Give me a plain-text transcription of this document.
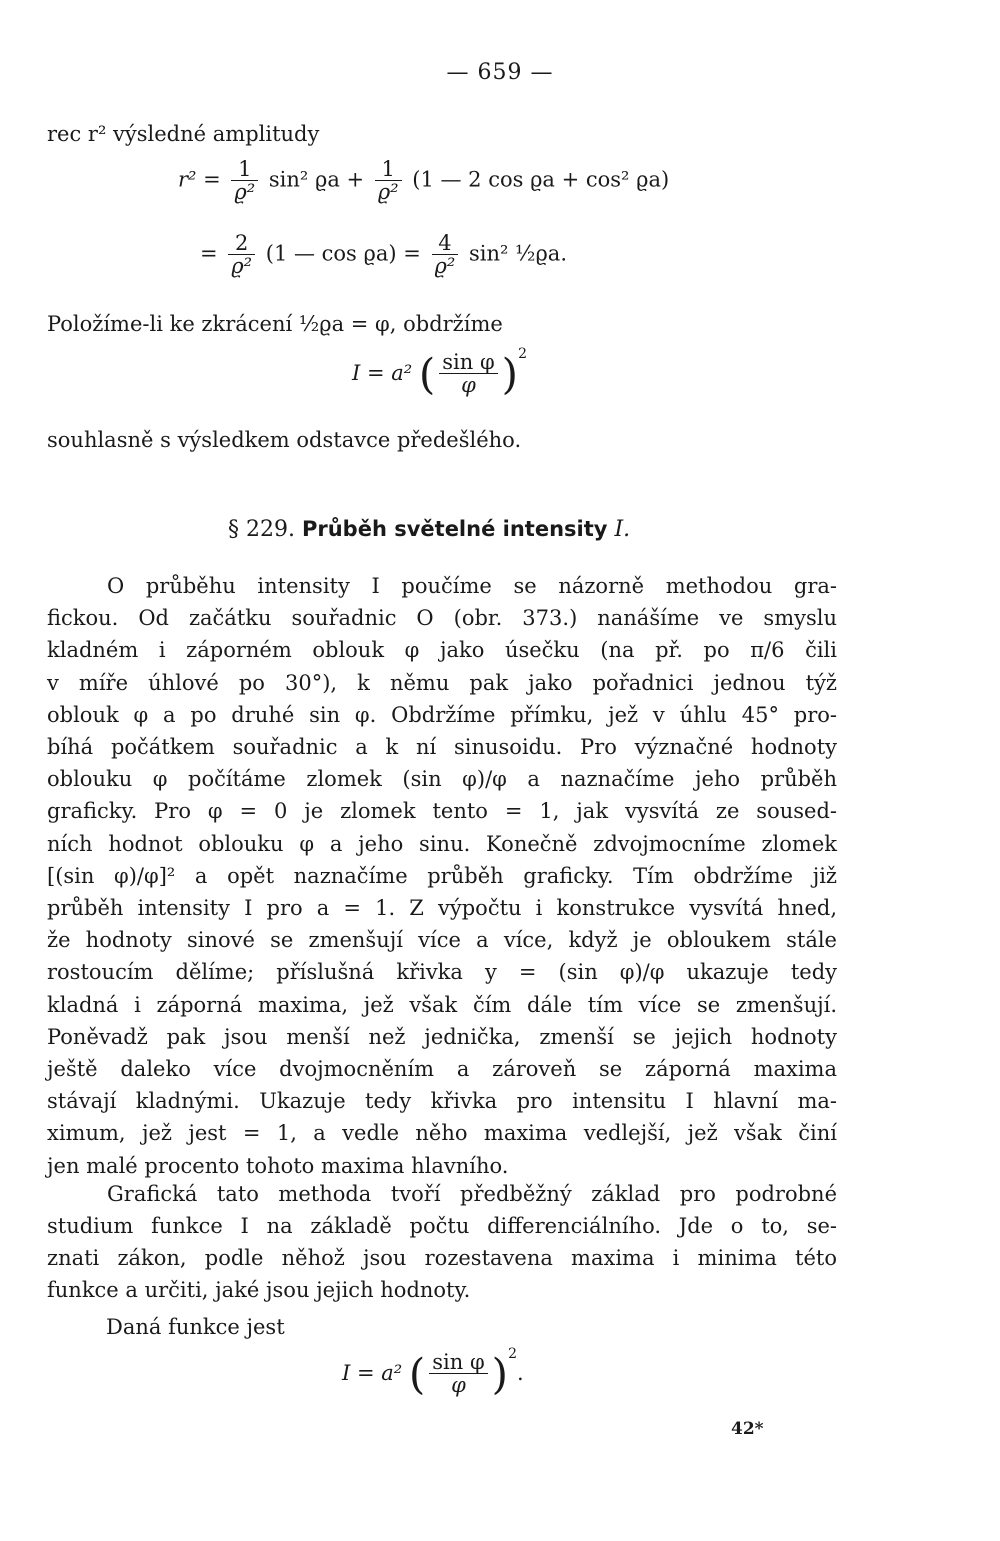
— 659 —
rec r² výsledné amplitudy
$r^2 = \frac{1}{\text{ϱ²}} \sin^2$ $ϱa + \frac{1}{\text{ϱ²}} (1$ — 2 cos ϱa + cos² ϱa)
= $\frac{2}{\text{ϱ²}} (1$ — $\cos ϱa) = \frac{4}{\text{ϱ²}} \sin^2$ ½ϱa.
Položíme-li ke zkrácení ½ϱa = φ, obdržíme
I = a² ( $\frac{\text{sin φ}}{\varphi} )^2$
souhlasně s výsledkem odstavce předešlého.
§ 229. Průběh světelné intensity I.
O průběhu intensity I poučíme se názorně methodou gra-
fickou. Od začátku souřadnic O (obr. 373.) nanášíme ve smyslu
kladném i záporném oblouk φ jako úsečku (na př. po π/6 čili
v míře úhlové po 30°), k němu pak jako pořadnici jednou týž
oblouk φ a po druhé sin φ. Obdržíme přímku, jež v úhlu 45° pro-
bíhá počátkem souřadnic a k ní sinusoidu. Pro význačné hodnoty
oblouku φ počítáme zlomek (sin φ)/φ a naznačíme jeho průběh
graficky. Pro φ = 0 je zlomek tento = 1, jak vysvítá ze soused-
ních hodnot oblouku φ a jeho sinu. Konečně zdvojmocníme zlomek
[(sin φ)/φ]² a opět naznačíme průběh graficky. Tím obdržíme již
průběh intensity I pro a = 1. Z výpočtu i konstrukce vysvítá hned,
že hodnoty sinové se zmenšují více a více, když je obloukem stále
rostoucím dělíme; příslušná křivka y = (sin φ)/φ ukazuje tedy
kladná i záporná maxima, jež však čím dále tím více se zmenšují.
Poněvadž pak jsou menší než jednička, zmenší se jejich hodnoty
ještě daleko více dvojmocněním a zároveň se záporná maxima
stávají kladnými. Ukazuje tedy křivka pro intensitu I hlavní ma-
ximum, jež jest = 1, a vedle něho maxima vedlejší, jež však činí
jen malé procento tohoto maxima hlavního.
Grafická tato methoda tvoří předběžný základ pro podrobné
studium funkce I na základě počtu differenciálního. Jde o to, se-
znati zákon, podle něhož jsou rozestavena maxima i minima této
funkce a určiti, jaké jsou jejich hodnoty.
Daná funkce jest
I = a² ( $\frac{\text{sin φ}}{\varphi} )^2$.
42*
